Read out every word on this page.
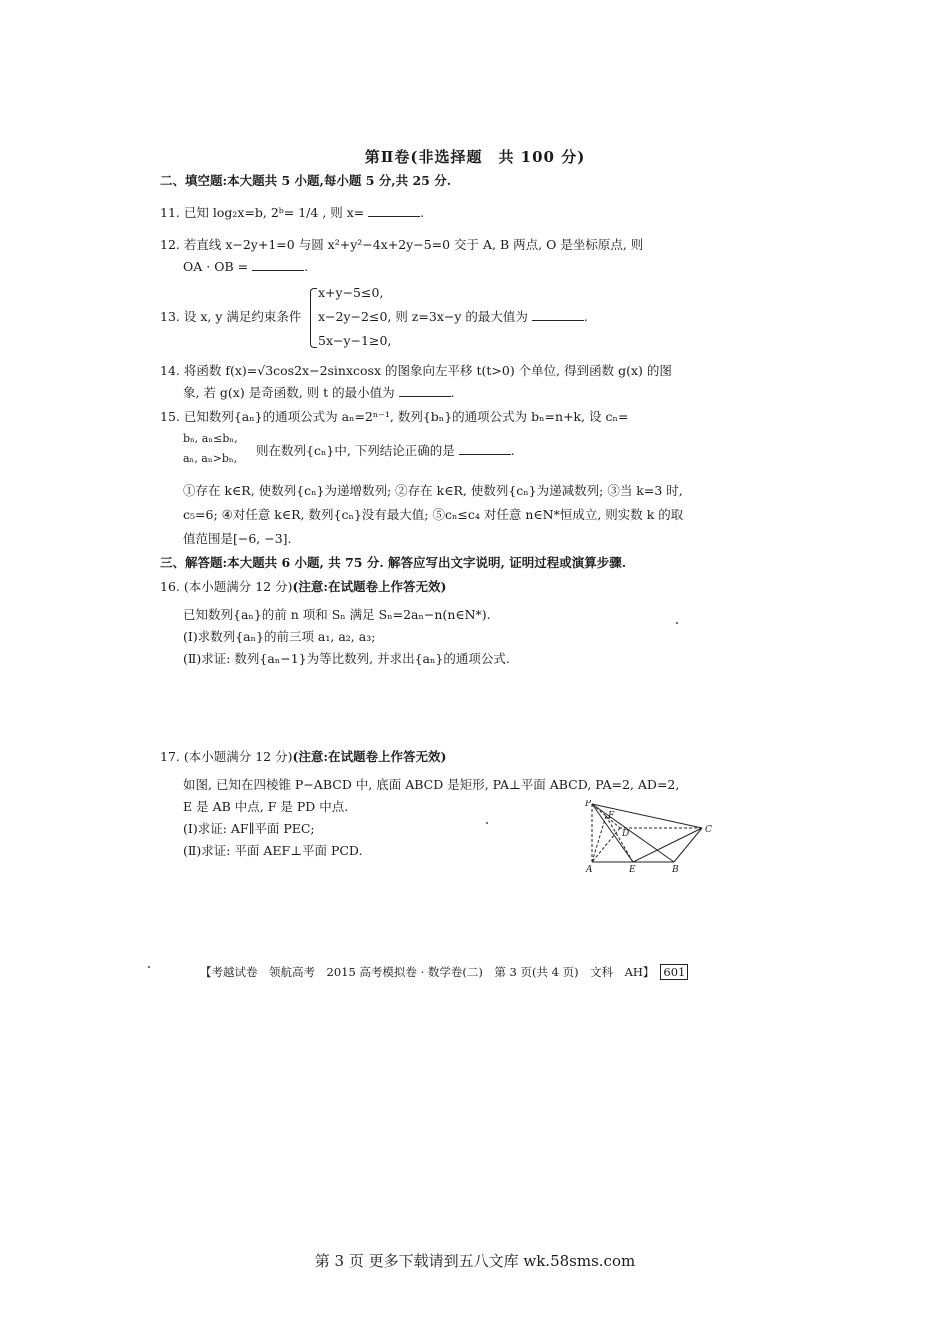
第Ⅱ卷(非选择题　共 100 分)
二、填空题:本大题共 5 小题,每小题 5 分,共 25 分.
11. 已知 log₂x=b, 2ᵇ= 1/4 , 则 x=	.
12. 若直线 x−2y+1=0 与圆 x²+y²−4x+2y−5=0 交于 A, B 两点, O 是坐标原点, 则
OA · OB =	.
13. 设 x, y 满足约束条件
x+y−5≤0,
x−2y−2≤0, 则 z=3x−y 的最大值为	.
5x−y−1≥0,
14. 将函数 f(x)=√3cos2x−2sinxcosx 的图象向左平移 t(t>0) 个单位, 得到函数 g(x) 的图
象, 若 g(x) 是奇函数, 则 t 的最小值为	.
15. 已知数列{aₙ}的通项公式为 aₙ=2ⁿ⁻¹, 数列{bₙ}的通项公式为 bₙ=n+k, 设 cₙ=
bₙ, aₙ≤bₙ,
aₙ, aₙ>bₙ,
则在数列{cₙ}中, 下列结论正确的是	.
①存在 k∈R, 使数列{cₙ}为递增数列; ②存在 k∈R, 使数列{cₙ}为递减数列; ③当 k=3 时,
c₅=6; ④对任意 k∈R, 数列{cₙ}没有最大值; ⑤cₙ≤c₄ 对任意 n∈N*恒成立, 则实数 k 的取
值范围是[−6, −3].
三、解答题:本大题共 6 小题, 共 75 分. 解答应写出文字说明, 证明过程或演算步骤.
16. (本小题满分 12 分)(注意:在试题卷上作答无效)
已知数列{aₙ}的前 n 项和 Sₙ 满足 Sₙ=2aₙ−n(n∈N*).
(Ⅰ)求数列{aₙ}的前三项 a₁, a₂, a₃;
(Ⅱ)求证: 数列{aₙ−1}为等比数列, 并求出{aₙ}的通项公式.
17. (本小题满分 12 分)(注意:在试题卷上作答无效)
如图, 已知在四棱锥 P−ABCD 中, 底面 ABCD 是矩形, PA⊥平面 ABCD, PA=2, AD=2,
E 是 AB 中点, F 是 PD 中点.
(Ⅰ)求证: AF∥平面 PEC;
(Ⅱ)求证: 平面 AEF⊥平面 PCD.
P
F
D	C
A	E	B
【考越试卷　领航高考　2015 高考模拟卷 · 数学卷(二)　第 3 页(共 4 页)　文科　AH】 601
第 3 页 更多下载请到五八文库 wk.58sms.com
